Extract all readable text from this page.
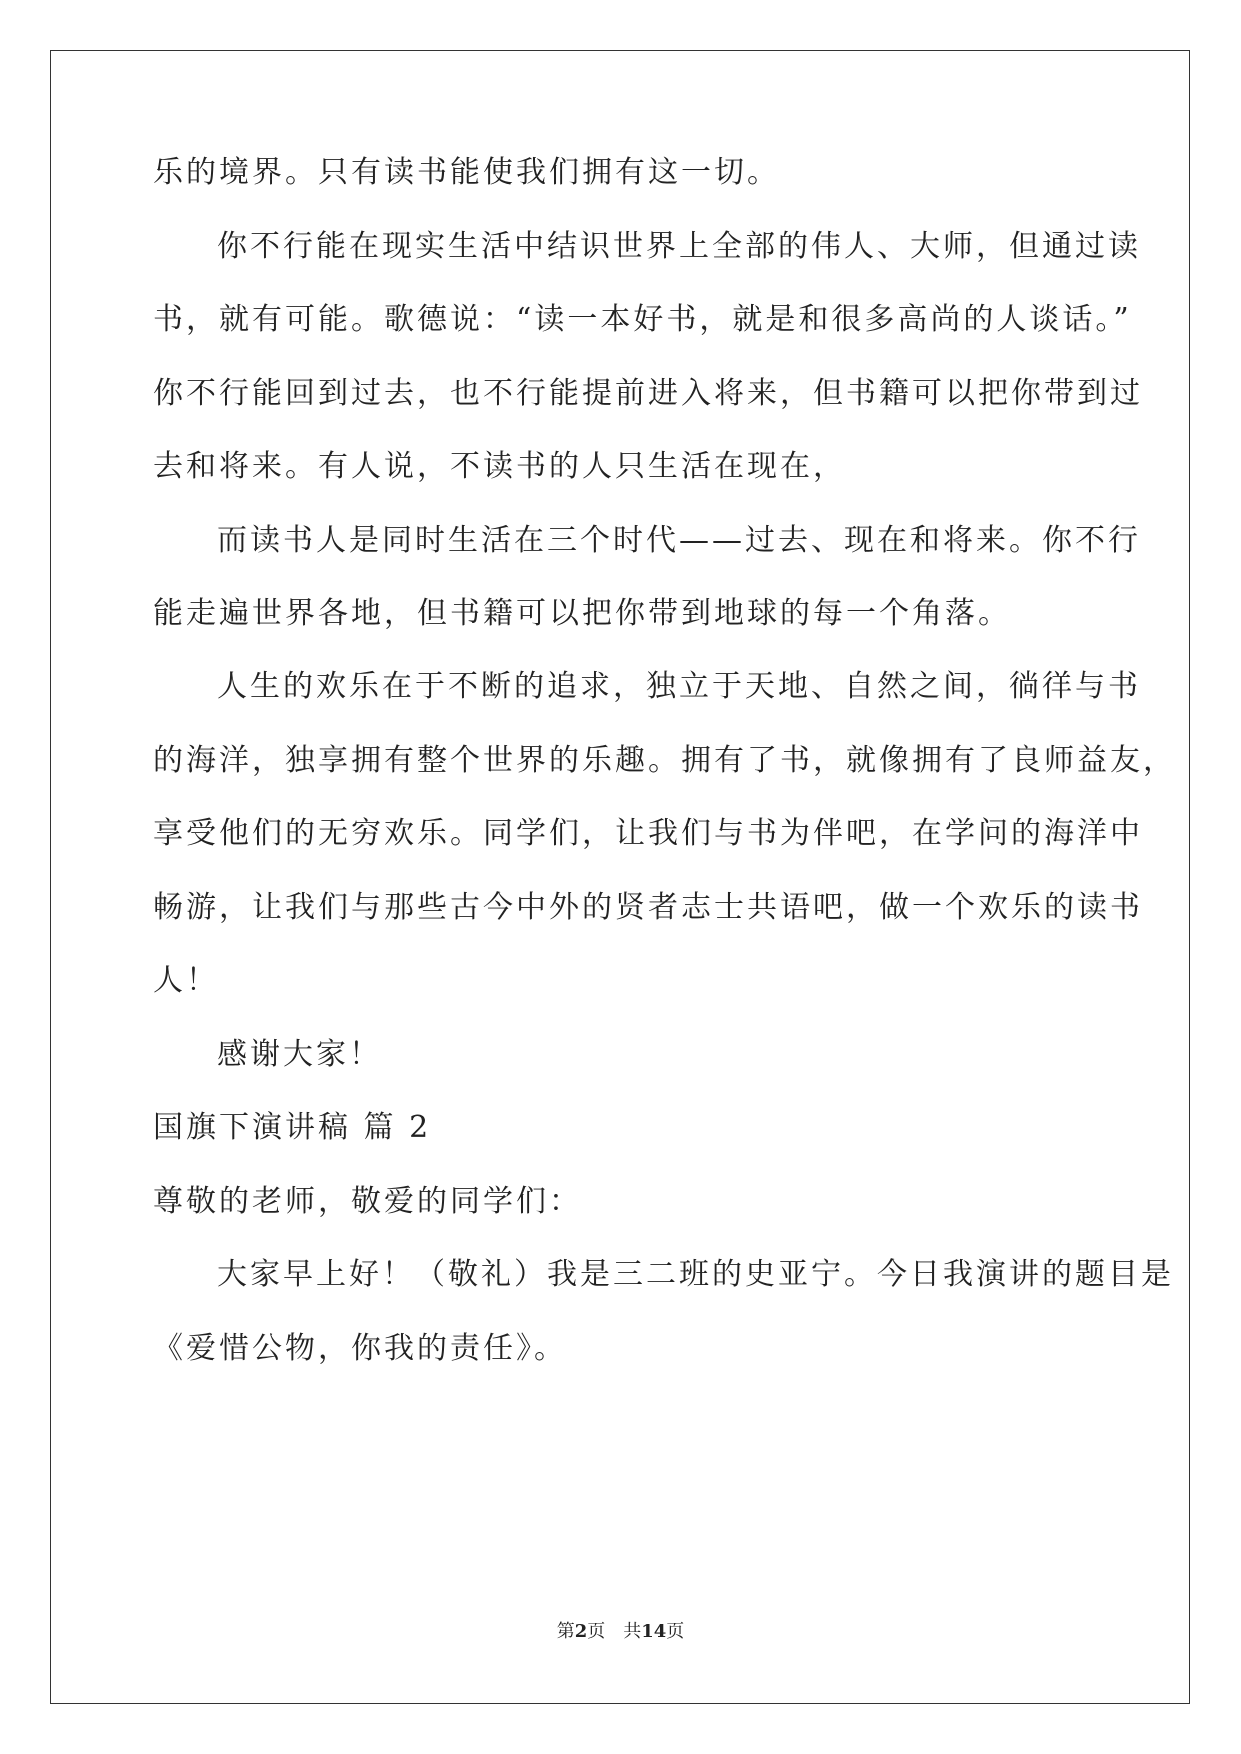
乐的境界。只有读书能使我们拥有这一切。
你不行能在现实生活中结识世界上全部的伟人、大师，但通过读
书，就有可能。歌德说：“读一本好书，就是和很多高尚的人谈话。”
你不行能回到过去，也不行能提前进入将来，但书籍可以把你带到过
去和将来。有人说，不读书的人只生活在现在，
而读书人是同时生活在三个时代——过去、现在和将来。你不行
能走遍世界各地，但书籍可以把你带到地球的每一个角落。
人生的欢乐在于不断的追求，独立于天地、自然之间，徜徉与书
的海洋，独享拥有整个世界的乐趣。拥有了书，就像拥有了良师益友，
享受他们的无穷欢乐。同学们，让我们与书为伴吧，在学问的海洋中
畅游，让我们与那些古今中外的贤者志士共语吧，做一个欢乐的读书
人！
感谢大家！
国旗下演讲稿 篇 2
尊敬的老师，敬爱的同学们：
大家早上好！（敬礼）我是三二班的史亚宁。今日我演讲的题目是
《爱惜公物，你我的责任》。
第2页 共14页
